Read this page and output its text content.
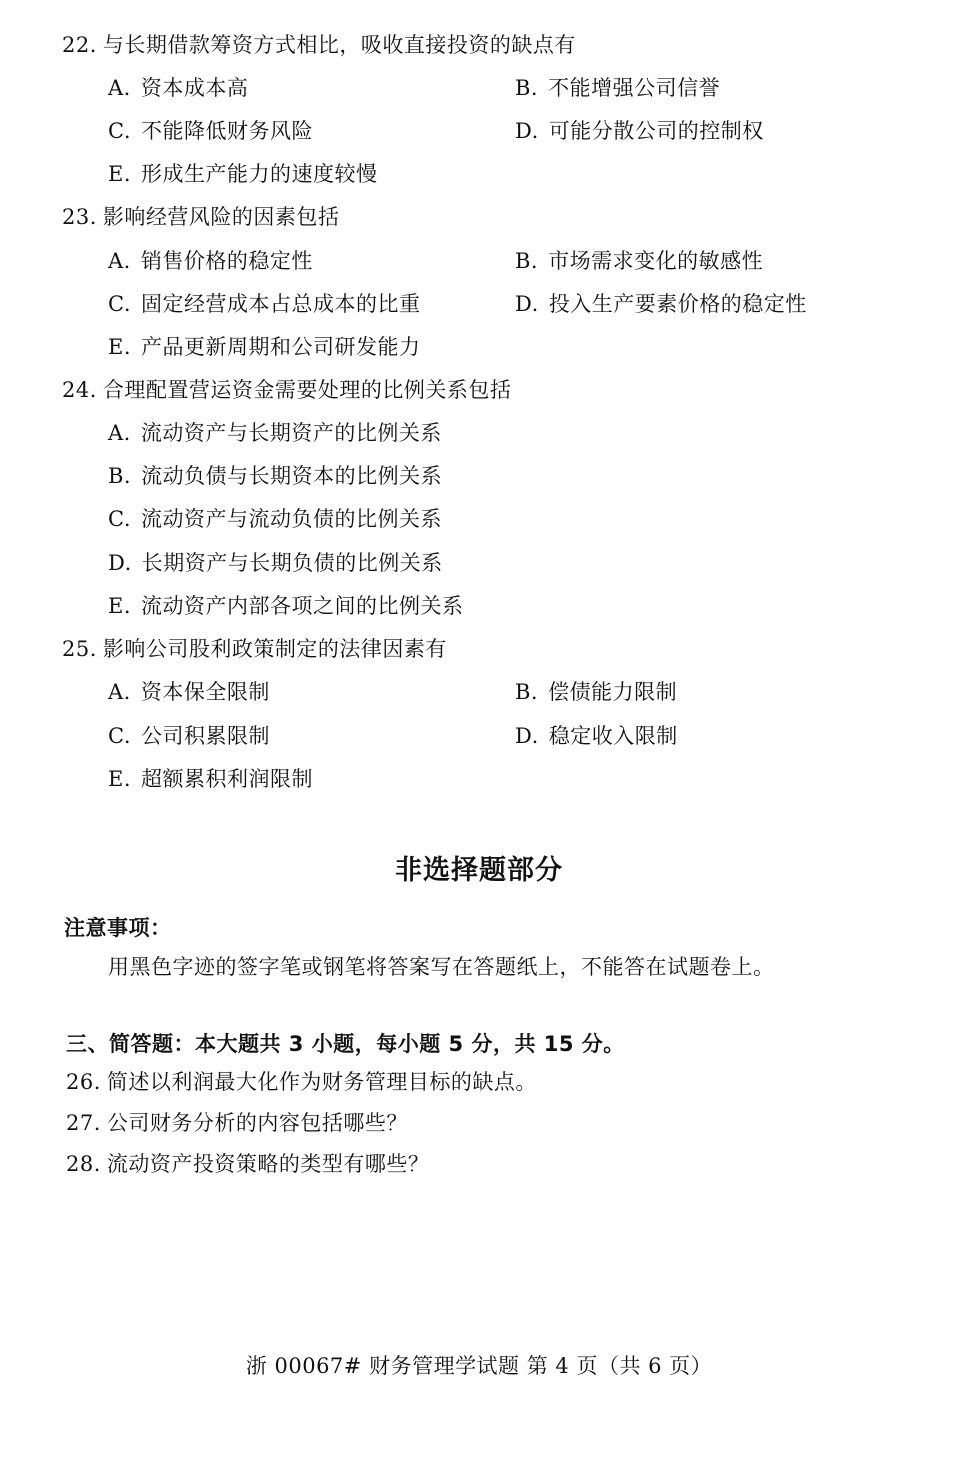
22. 与长期借款筹资方式相比，吸收直接投资的缺点有
A. 资本成本高	B. 不能增强公司信誉
C. 不能降低财务风险	D. 可能分散公司的控制权
E. 形成生产能力的速度较慢
23. 影响经营风险的因素包括
A. 销售价格的稳定性	B. 市场需求变化的敏感性
C. 固定经营成本占总成本的比重	D. 投入生产要素价格的稳定性
E. 产品更新周期和公司研发能力
24. 合理配置营运资金需要处理的比例关系包括
A. 流动资产与长期资产的比例关系
B. 流动负债与长期资本的比例关系
C. 流动资产与流动负债的比例关系
D. 长期资产与长期负债的比例关系
E. 流动资产内部各项之间的比例关系
25. 影响公司股利政策制定的法律因素有
A. 资本保全限制	B. 偿债能力限制
C. 公司积累限制	D. 稳定收入限制
E. 超额累积利润限制
非选择题部分
注意事项：
用黑色字迹的签字笔或钢笔将答案写在答题纸上，不能答在试题卷上。
三、简答题：本大题共 3 小题，每小题 5 分，共 15 分。
26. 简述以利润最大化作为财务管理目标的缺点。
27. 公司财务分析的内容包括哪些？
28. 流动资产投资策略的类型有哪些？
浙 00067# 财务管理学试题 第 4 页（共 6 页）
